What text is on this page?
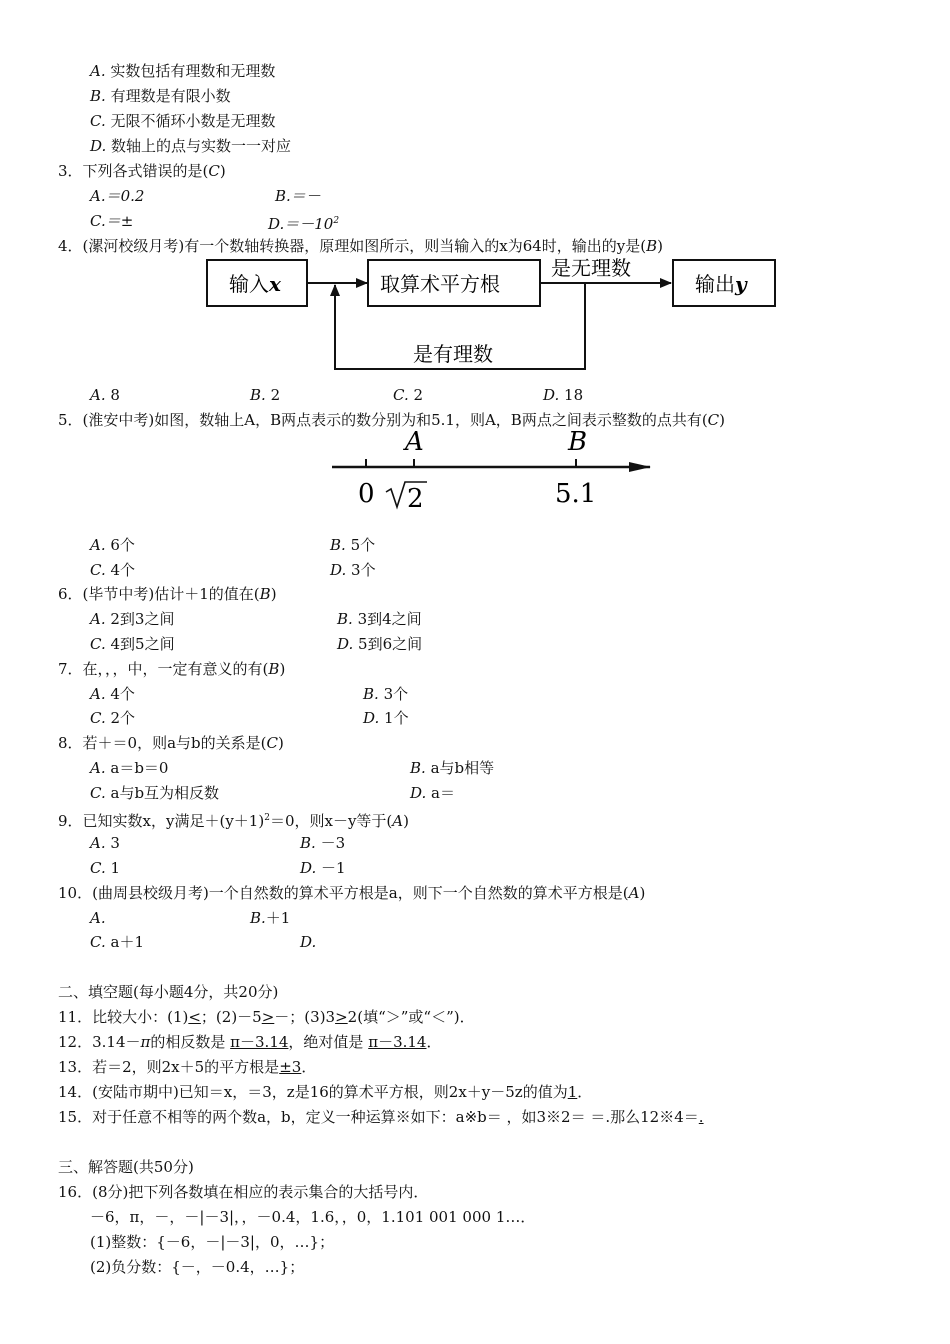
A. 实数包括有理数和无理数
B. 有理数是有限小数
C. 无限不循环小数是无理数
D. 数轴上的点与实数一一对应
3．下列各式错误的是(C)
A.＝0.2	B.＝－
C.＝±	$D.=-10^2$
4．(漯河校级月考)有一个数轴转换器，原理如图所示，则当输入的x为64时，输出的y是(B)
输入x	取算术平方根
是无理数
输出y
是有理数
A. 8	B. 2	C. 2	D. 18
5．(淮安中考)如图，数轴上A，B两点表示的数分别为和5.1，则A，B两点之间表示整数的点共有(C)
A	B
0 2	5.1
A. 6个	B. 5个
C. 4个	D. 3个
6．(毕节中考)估计＋1的值在(B)
A. 2到3之间	B. 3到4之间
C. 4到5之间	D. 5到6之间
7．在，，，中，一定有意义的有(B)
A. 4个	B. 3个
C. 2个	D. 1个
8．若＋＝0，则a与b的关系是(C)
A. a＝b＝0	B. a与b相等
C. a与b互为相反数	D. a＝
9．已知实数x，y满足$+(y+1)^2=0$，则x－y等于(A)
A. 3	B. －3
C. 1	D. －1
10．(曲周县校级月考)一个自然数的算术平方根是a，则下一个自然数的算术平方根是(A)
A.	B.＋1
C. a＋1	D.
二、填空题(每小题4分，共20分)
11．比较大小：(1)<；(2)－5>－；(3)3>2(填“＞”或“＜”)．
12．3.14－π的相反数是 π－3.14，绝对值是 π－3.14．
13．若＝2，则2x＋5的平方根是±3．
14．(安陆市期中)已知＝x，＝3，z是16的算术平方根，则2x＋y－5z的值为1．
15．对于任意不相等的两个数a，b，定义一种运算※如下：a※b＝ ，如3※2＝ ＝.那么12※4＝.
三、解答题(共50分)
16．(8分)把下列各数填在相应的表示集合的大括号内．
－6，π，－，－|－3|，，－0.4，1.6，，0，1.101 001 000 1…．
(1)整数：{－6，－|－3|，0，…}；
(2)负分数：{－，－0.4，…}；
